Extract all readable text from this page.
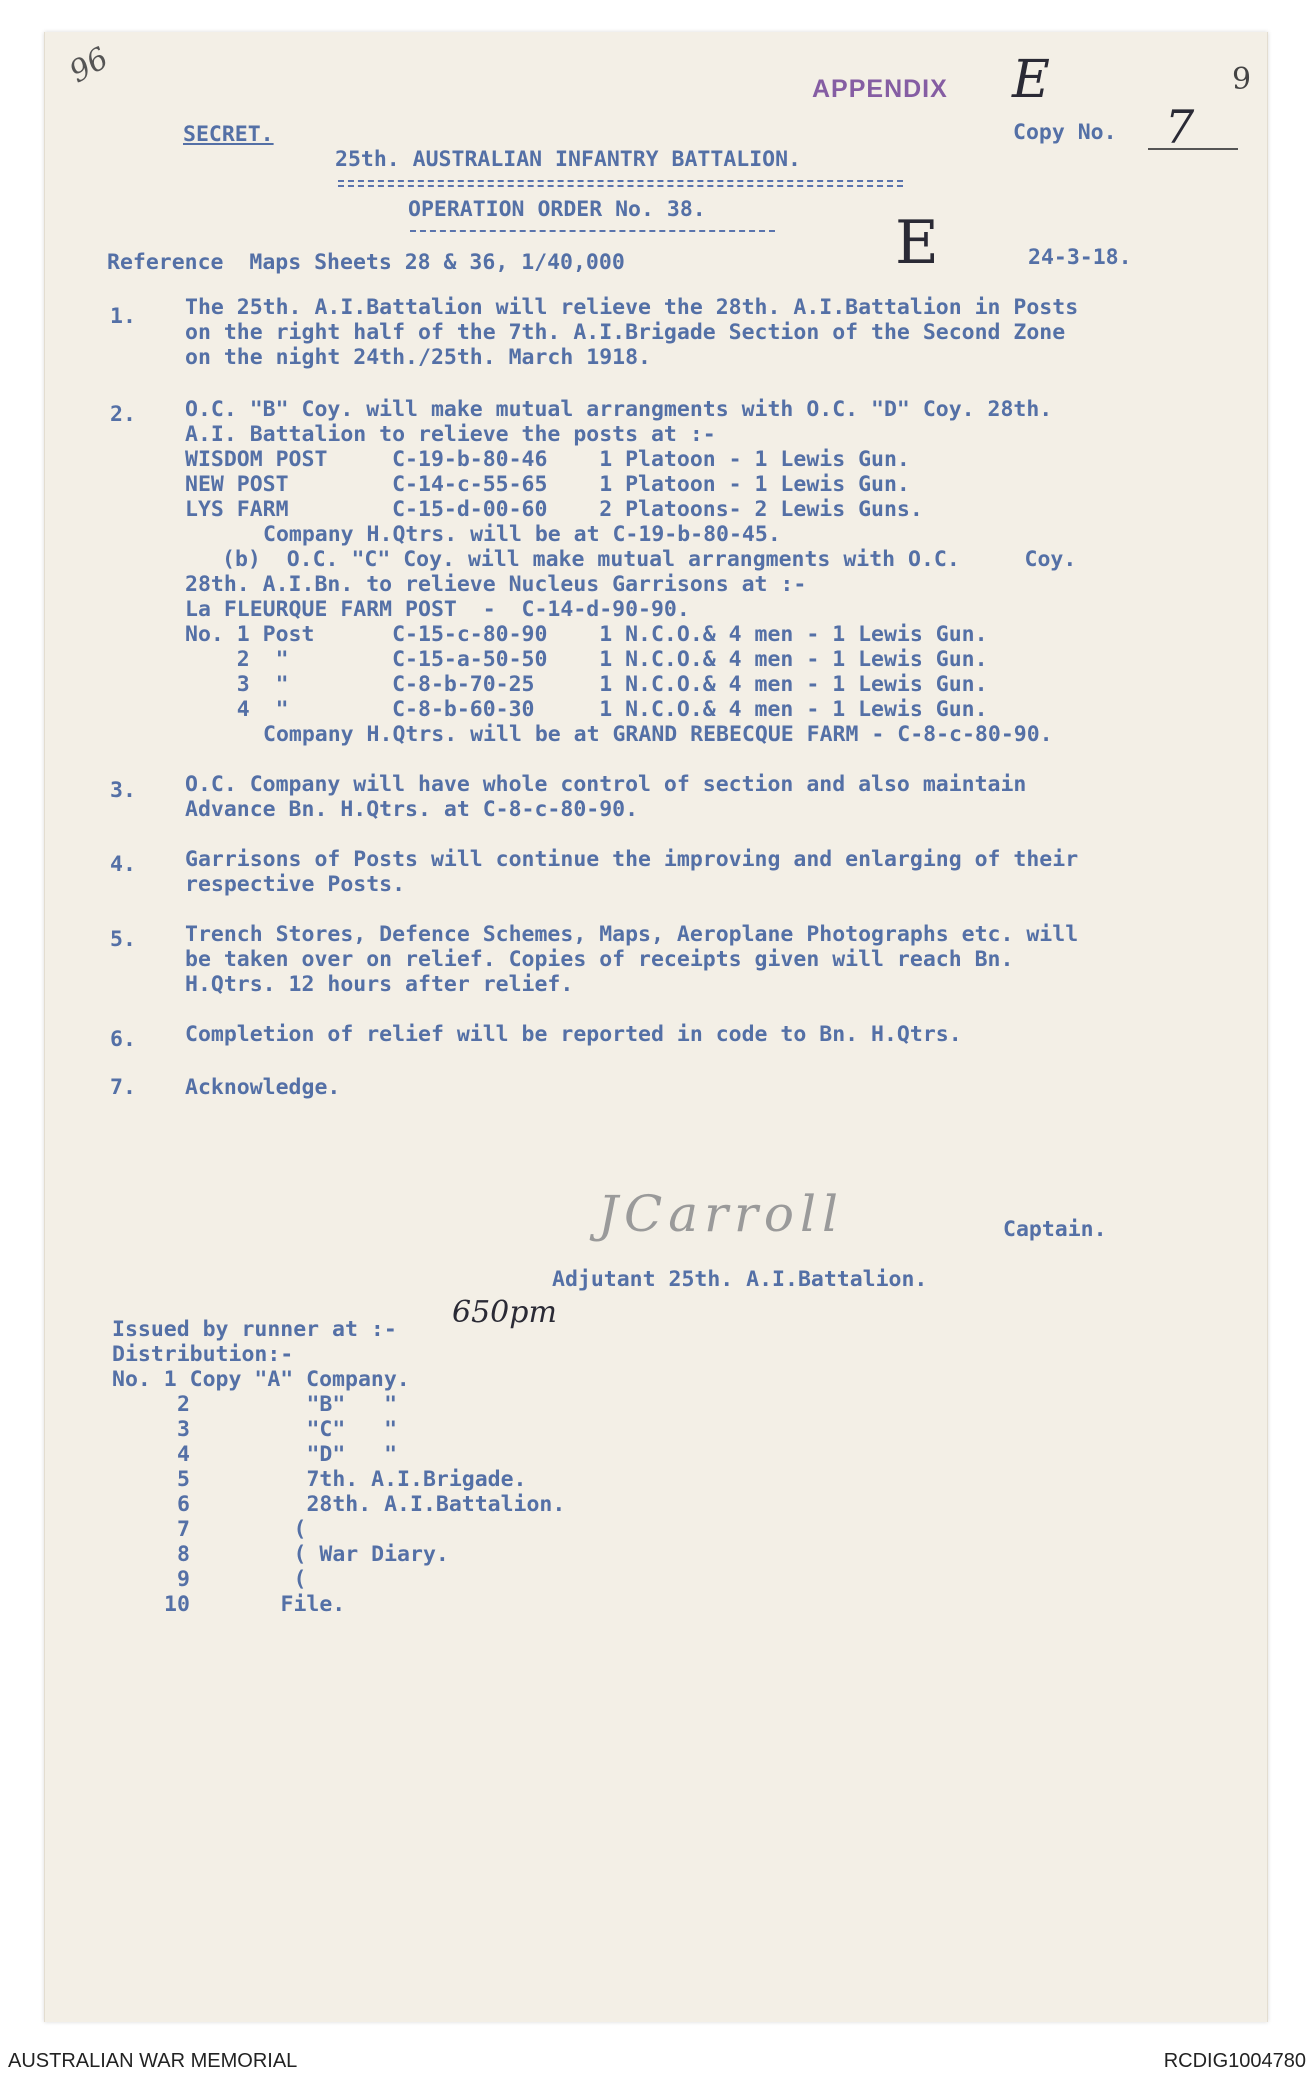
96	9
APPENDIX E
7
E
SECRET.
25th. AUSTRALIAN INFANTRY BATTALION.
Copy No.
OPERATION ORDER No. 38.
Reference  Maps Sheets 28 & 36, 1/40,000	24-3-18.
1. The 25th. A.I.Battalion will relieve the 28th. A.I.Battalion in Posts
on the right half of the 7th. A.I.Brigade Section of the Second Zone
on the night 24th./25th. March 1918.
2. O.C. "B" Coy. will make mutual arrangments with O.C. "D" Coy. 28th.
A.I. Battalion to relieve the posts at :-
WISDOM POST     C-19-b-80-46    1 Platoon - 1 Lewis Gun.
NEW POST        C-14-c-55-65    1 Platoon - 1 Lewis Gun.
LYS FARM        C-15-d-00-60    2 Platoons- 2 Lewis Guns.
Company H.Qtrs. will be at C-19-b-80-45.
(b)  O.C. "C" Coy. will make mutual arrangments with O.C.     Coy.
28th. A.I.Bn. to relieve Nucleus Garrisons at :-
La FLEURQUE FARM POST  -  C-14-d-90-90.
No. 1 Post      C-15-c-80-90    1 N.C.O.& 4 men - 1 Lewis Gun.
2  "        C-15-a-50-50    1 N.C.O.& 4 men - 1 Lewis Gun.
3  "        C-8-b-70-25     1 N.C.O.& 4 men - 1 Lewis Gun.
4  "        C-8-b-60-30     1 N.C.O.& 4 men - 1 Lewis Gun.
Company H.Qtrs. will be at GRAND REBECQUE FARM - C-8-c-80-90.
3. O.C. Company will have whole control of section and also maintain
Advance Bn. H.Qtrs. at C-8-c-80-90.
4. Garrisons of Posts will continue the improving and enlarging of their
respective Posts.
5. Trench Stores, Defence Schemes, Maps, Aeroplane Photographs etc. will
be taken over on relief. Copies of receipts given will reach Bn.
H.Qtrs. 12 hours after relief.
6. Completion of relief will be reported in code to Bn. H.Qtrs.
7. Acknowledge.
JCarroll	Captain.
Adjutant 25th. A.I.Battalion.
Issued by runner at :- 650pm
Distribution:-
No. 1 Copy "A" Company.
2         "B"   "
3         "C"   "
4         "D"   "
5         7th. A.I.Brigade.
6         28th. A.I.Battalion.
7        (
8        ( War Diary.
9        (
10       File.
AUSTRALIAN WAR MEMORIAL	RCDIG1004780
